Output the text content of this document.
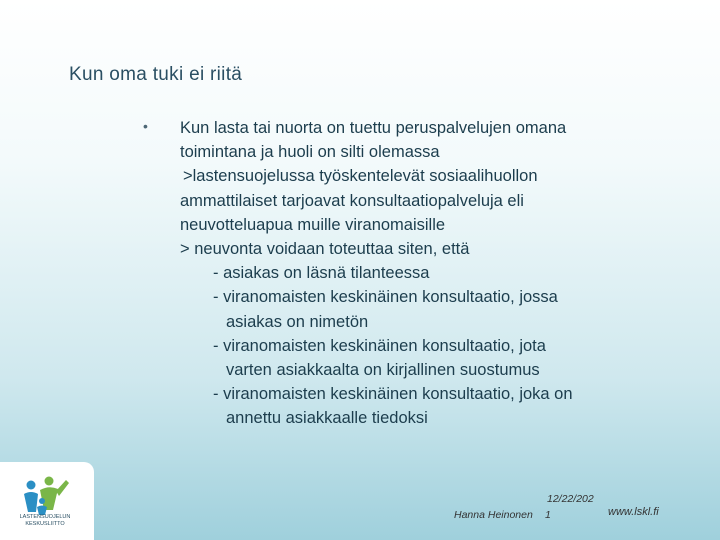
Kun oma tuki ei riitä
• Kun lasta tai nuorta on tuettu peruspalvelujen omana
toimintana ja huoli on silti olemassa
>lastensuojelussa työskentelevät sosiaalihuollon
ammattilaiset tarjoavat konsultaatiopalveluja eli
neuvotteluapua muille viranomaisille
> neuvonta voidaan toteuttaa siten, että
- asiakas on läsnä tilanteessa
- viranomaisten keskinäinen konsultaatio, jossa
asiakas on nimetön
- viranomaisten keskinäinen konsultaatio, jota
varten asiakkaalta on kirjallinen suostumus
- viranomaisten keskinäinen konsultaatio, joka on
annettu asiakkaalle tiedoksi
LASTENSUOJELUN
KESKUSLIITTO
12/22/202
Hanna Heinonen 1	www.lskl.fi
